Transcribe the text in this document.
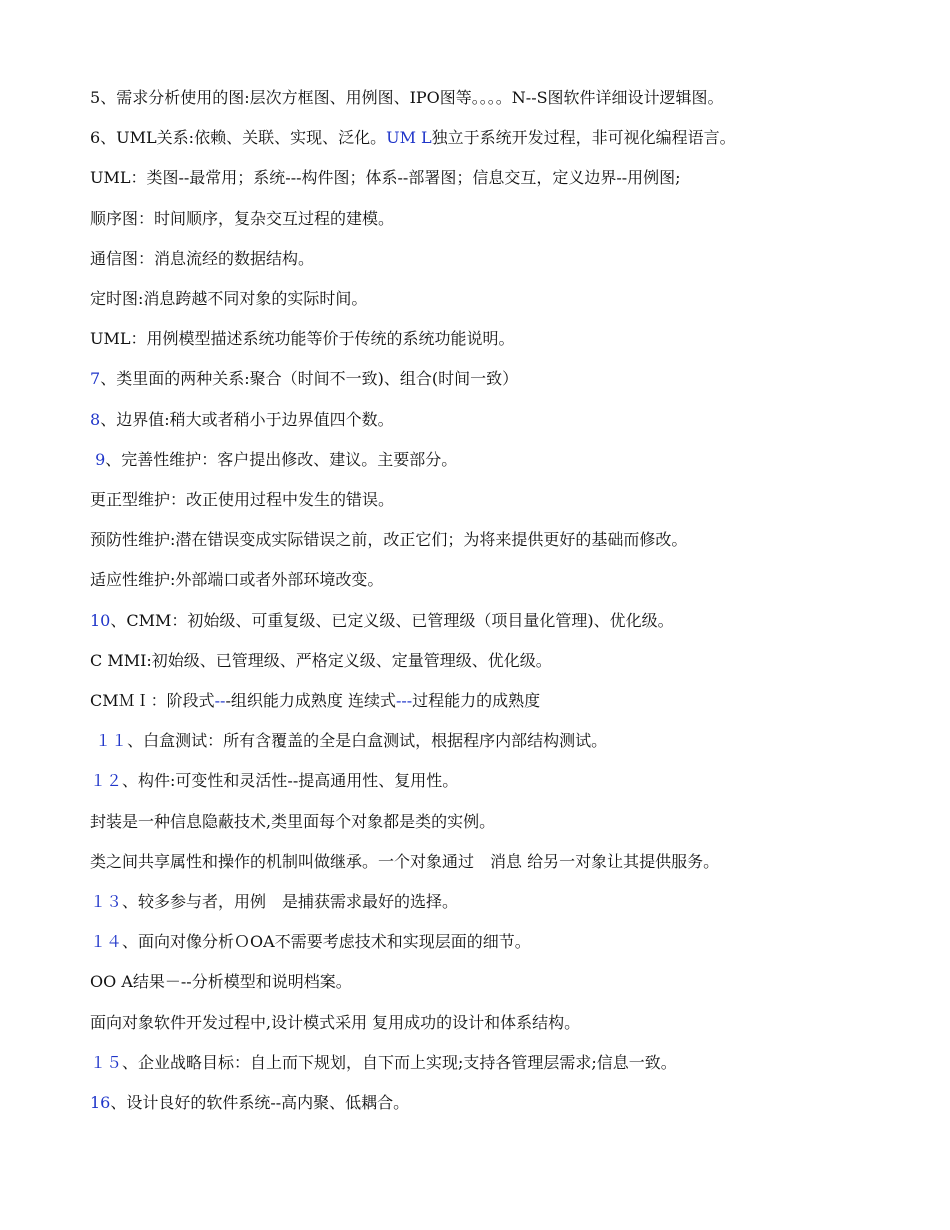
5、需求分析使用的图:层次方框图、用例图、IPO图等。。。。N--S图软件详细设计逻辑图。
6、UML关系:依赖、关联、实现、泛化。UM L独立于系统开发过程，非可视化编程语言。
UML：类图--最常用；系统---构件图；体系--部署图；信息交互，定义边界--用例图;
顺序图：时间顺序，复杂交互过程的建模。
通信图：消息流经的数据结构。
定时图:消息跨越不同对象的实际时间。
UML：用例模型描述系统功能等价于传统的系统功能说明。
7、类里面的两种关系:聚合（时间不一致)、组合(时间一致）
8、边界值:稍大或者稍小于边界值四个数。
9、完善性维护：客户提出修改、建议。主要部分。
更正型维护：改正使用过程中发生的错误。
预防性维护:潜在错误变成实际错误之前，改正它们；为将来提供更好的基础而修改。
适应性维护:外部端口或者外部环境改变。
10、CMM：初始级、可重复级、已定义级、已管理级（项目量化管理)、优化级。
C MMI:初始级、已管理级、严格定义级、定量管理级、优化级。
CMＭＩ：阶段式---组织能力成熟度 连续式---过程能力的成熟度
１１、白盒测试：所有含覆盖的全是白盒测试，根据程序内部结构测试。
１２、构件:可变性和灵活性--提高通用性、复用性。
封装是一种信息隐蔽技术,类里面每个对象都是类的实例。
类之间共享属性和操作的机制叫做继承。一个对象通过　消息 给另一对象让其提供服务。
１３、较多参与者，用例　是捕获需求最好的选择。
１４、面向对像分析ＯOA不需要考虑技术和实现层面的细节。
OO A结果－--分析模型和说明档案。
面向对象软件开发过程中,设计模式采用 复用成功的设计和体系结构。
１５、企业战略目标：自上而下规划，自下而上实现;支持各管理层需求;信息一致。
16、设计良好的软件系统--高内聚、低耦合。
